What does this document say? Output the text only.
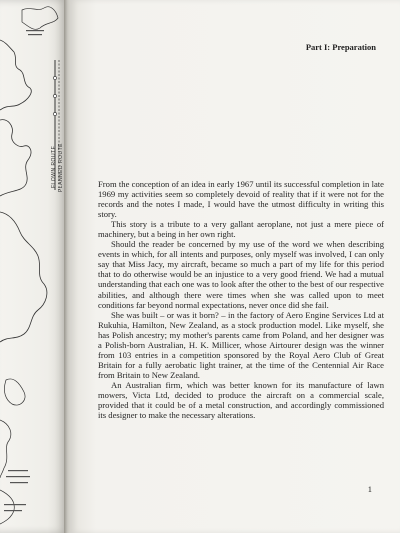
FLOWN ROUTE PLANNED ROUTE
Part I: Preparation

From the conception of an idea in early 1967 until its successful completion in late 1969 my activities seem so completely devoid of reality that if it were not for the records and the notes I made, I would have the utmost difficulty in writing this story.

This story is a tribute to a very gallant aeroplane, not just a mere piece of machinery, but a being in her own right.

Should the reader be concerned by my use of the word we when describing events in which, for all intents and purposes, only myself was involved, I can only say that Miss Jacy, my aircraft, became so much a part of my life for this period that to do otherwise would be an injustice to a very good friend. We had a mutual understanding that each one was to look after the other to the best of our respective abilities, and although there were times when she was called upon to meet conditions far beyond normal expectations, never once did she fail.

She was built – or was it born? – in the factory of Aero Engine Services Ltd at Rukuhia, Hamilton, New Zealand, as a stock production model. Like myself, she has Polish ancestry; my mother's parents came from Poland, and her designer was a Polish-born Australian, H. K. Millicer, whose Airtourer design was the winner from 103 entries in a competition sponsored by the Royal Aero Club of Great Britain for a fully aerobatic light trainer, at the time of the Centennial Air Race from Britain to New Zealand.

An Australian firm, which was better known for its manufacture of lawn mowers, Victa Ltd, decided to produce the aircraft on a commercial scale, provided that it could be of a metal construction, and accordingly commissioned its designer to make the necessary alterations.

1
